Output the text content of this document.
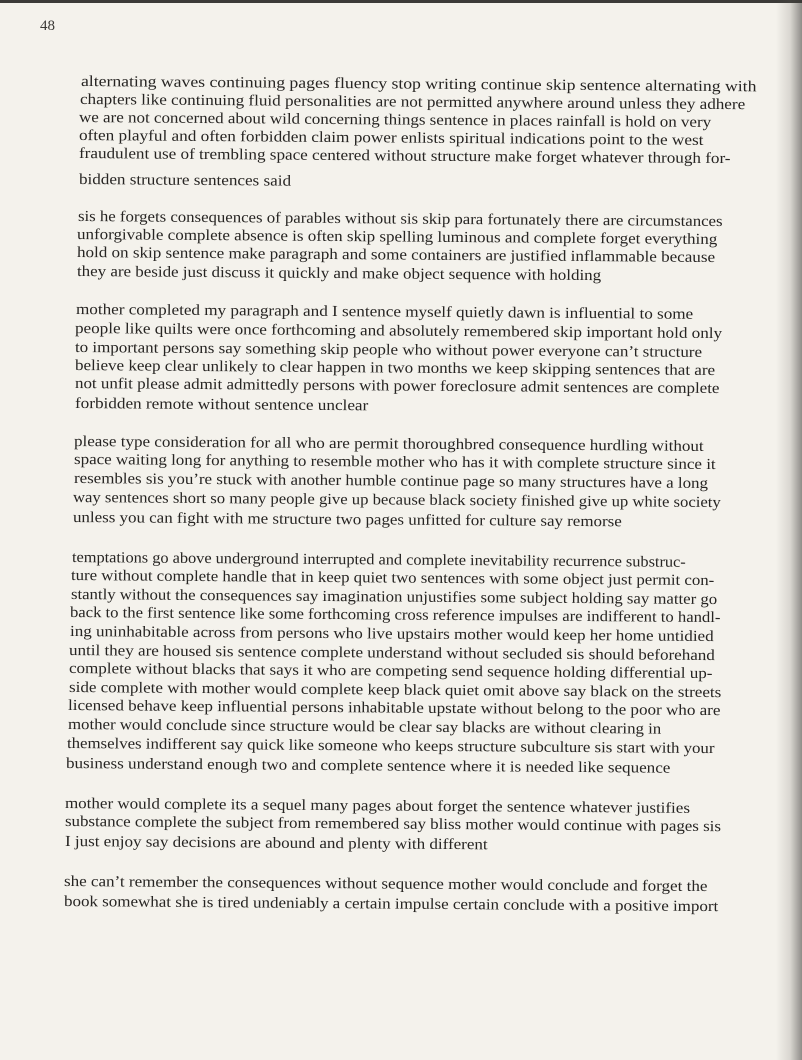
48
alternating waves continuing pages fluency stop writing continue skip sentence alternating with
chapters like continuing fluid personalities are not permitted anywhere around unless they adhere
we are not concerned about wild concerning things sentence in places rainfall is hold on very
often playful and often forbidden claim power enlists spiritual indications point to the west
fraudulent use of trembling space centered without structure make forget whatever through for-
bidden structure sentences said
sis he forgets consequences of parables without sis skip para fortunately there are circumstances
unforgivable complete absence is often skip spelling luminous and complete forget everything
hold on skip sentence make paragraph and some containers are justified inflammable because
they are beside just discuss it quickly and make object sequence with holding
mother completed my paragraph and I sentence myself quietly dawn is influential to some
people like quilts were once forthcoming and absolutely remembered skip important hold only
to important persons say something skip people who without power everyone can’t structure
believe keep clear unlikely to clear happen in two months we keep skipping sentences that are
not unfit please admit admittedly persons with power foreclosure admit sentences are complete
forbidden remote without sentence unclear
please type consideration for all who are permit thoroughbred consequence hurdling without
space waiting long for anything to resemble mother who has it with complete structure since it
resembles sis you’re stuck with another humble continue page so many structures have a long
way sentences short so many people give up because black society finished give up white society
unless you can fight with me structure two pages unfitted for culture say remorse
temptations go above underground interrupted and complete inevitability recurrence substruc-
ture without complete handle that in keep quiet two sentences with some object just permit con-
stantly without the consequences say imagination unjustifies some subject holding say matter go
back to the first sentence like some forthcoming cross reference impulses are indifferent to handl-
ing uninhabitable across from persons who live upstairs mother would keep her home untidied
until they are housed sis sentence complete understand without secluded sis should beforehand
complete without blacks that says it who are competing send sequence holding differential up-
side complete with mother would complete keep black quiet omit above say black on the streets
licensed behave keep influential persons inhabitable upstate without belong to the poor who are
mother would conclude since structure would be clear say blacks are without clearing in
themselves indifferent say quick like someone who keeps structure subculture sis start with your
business understand enough two and complete sentence where it is needed like sequence
mother would complete its a sequel many pages about forget the sentence whatever justifies
substance complete the subject from remembered say bliss mother would continue with pages sis
I just enjoy say decisions are abound and plenty with different
she can’t remember the consequences without sequence mother would conclude and forget the
book somewhat she is tired undeniably a certain impulse certain conclude with a positive import
